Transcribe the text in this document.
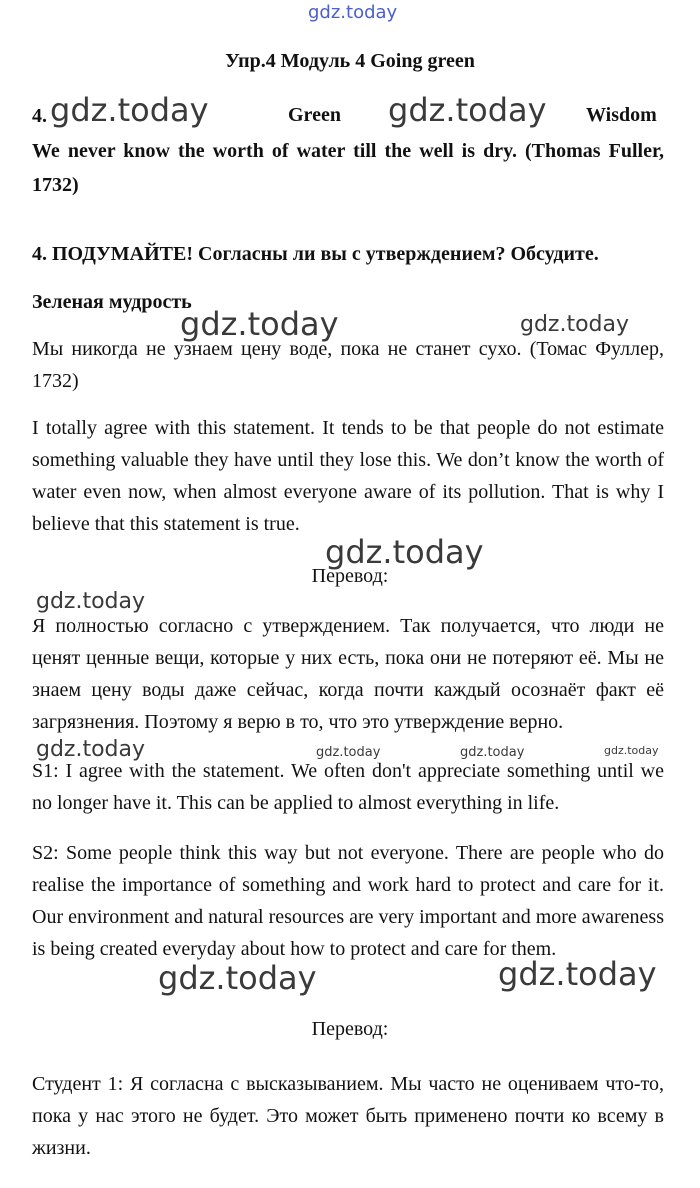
gdz.today
Упр.4 Модуль 4 Going green
4.	Green	Wisdom
gdz.today	gdz.today
We never know the worth of water till the well is dry. (Thomas Fuller, 1732)
4. ПОДУМАЙТЕ! Согласны ли вы с утверждением? Обсудите.
Зеленая мудрость
gdz.today	gdz.today
Мы никогда не узнаем цену воде, пока не станет сухо. (Томас Фуллер, 1732)
I totally agree with this statement. It tends to be that people do not estimate something valuable they have until they lose this. We don’t know the worth of water even now, when almost everyone aware of its pollution. That is why I believe that this statement is true.
gdz.today
Перевод:
gdz.today
Я полностью согласно с утверждением. Так получается, что люди не ценят ценные вещи, которые у них есть, пока они не потеряют её. Мы не знаем цену воды даже сейчас, когда почти каждый осознаёт факт её загрязнения. Поэтому я верю в то, что это утверждение верно.
gdz.today	gdz.today	gdz.today	gdz.today
S1: I agree with the statement. We often don't appreciate something until we no longer have it. This can be applied to almost everything in life.
S2: Some people think this way but not everyone. There are people who do realise the importance of something and work hard to protect and care for it. Our environment and natural resources are very important and more awareness is being created everyday about how to protect and care for them.
gdz.today	gdz.today
Перевод:
Студент 1: Я согласна с высказыванием. Мы часто не оцениваем что-то, пока у нас этого не будет. Это может быть применено почти ко всему в жизни.
